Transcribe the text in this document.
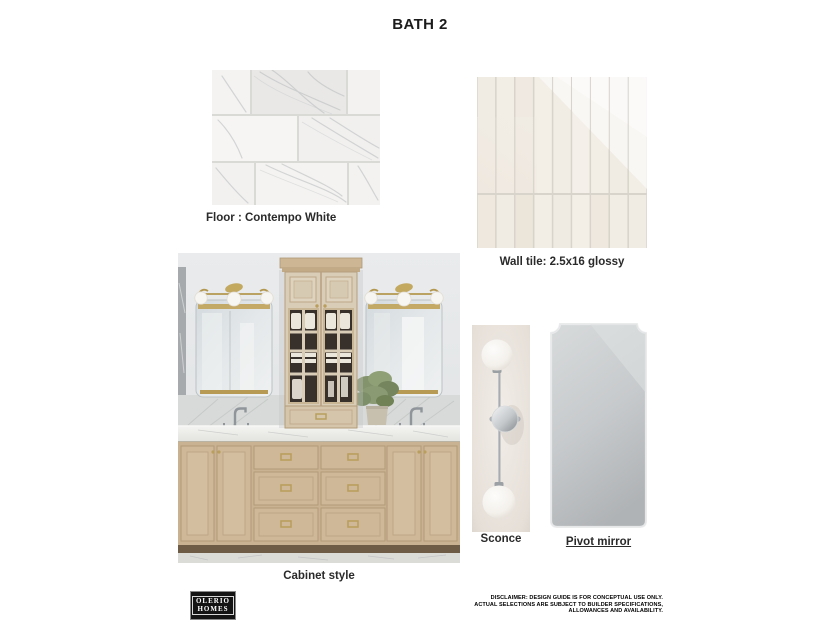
BATH 2
Floor : Contempo White
Wall tile: 2.5x16 glossy
Cabinet style
Sconce	Pivot mirror
OLERIO
HOMES
DISCLAIMER: DESIGN GUIDE IS FOR CONCEPTUAL USE ONLY.
ACTUAL SELECTIONS ARE SUBJECT TO BUILDER SPECIFICATIONS,
ALLOWANCES AND AVAILABILITY.
